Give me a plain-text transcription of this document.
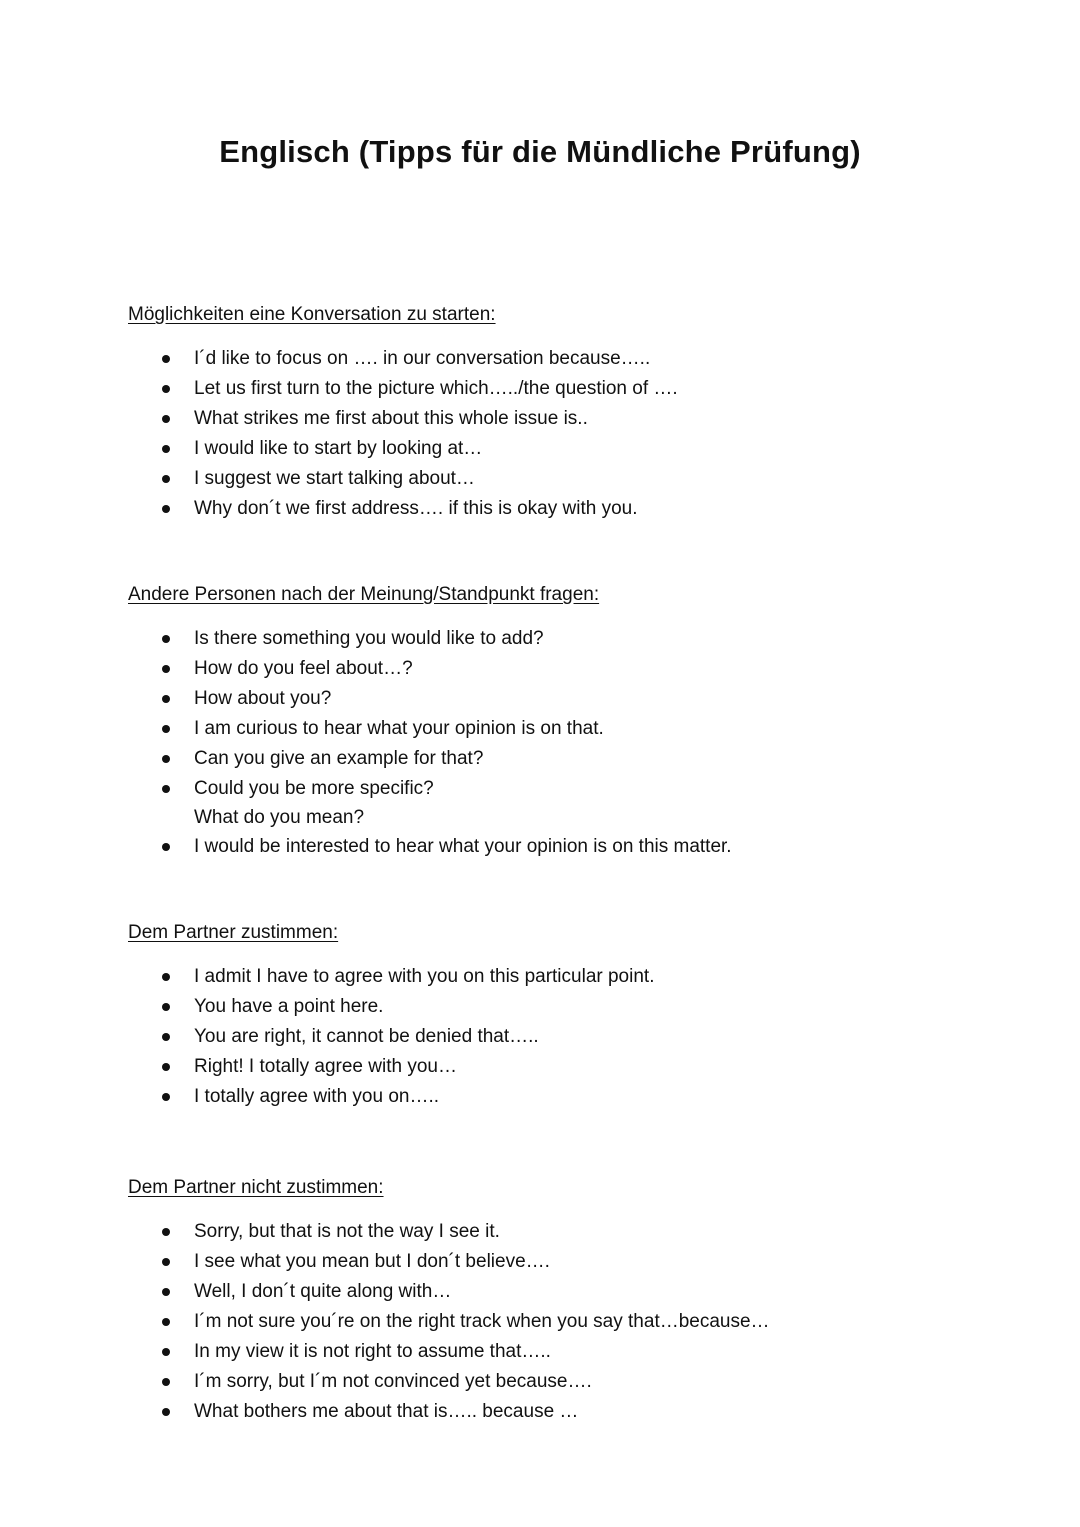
Englisch (Tipps für die Mündliche Prüfung)
Möglichkeiten eine Konversation zu starten:
I´d like to focus on …. in our conversation because…..
Let us first turn to the picture which…../the question of ….
What strikes me first about this whole issue is..
I would like to start by looking at…
I suggest we start talking about…
Why don´t we first address…. if this is okay with you.
Andere Personen nach der Meinung/Standpunkt fragen:
Is there something you would like to add?
How do you feel about…?
How about you?
I am curious to hear what your opinion is on that.
Can you give an example for that?
Could you be more specific?
What do you mean?
I would be interested to hear what your opinion is on this matter.
Dem Partner zustimmen:
I admit I have to agree with you on this particular point.
You have a point here.
You are right, it cannot be denied that…..
Right! I totally agree with you…
I totally agree with you on…..
Dem Partner nicht zustimmen:
Sorry, but that is not the way I see it.
I see what you mean but I don´t believe….
Well, I don´t quite along with…
I´m not sure you´re on the right track when you say that…because…
In my view it is not right to assume that…..
I´m sorry, but I´m not convinced yet because….
What bothers me about that is….. because …
